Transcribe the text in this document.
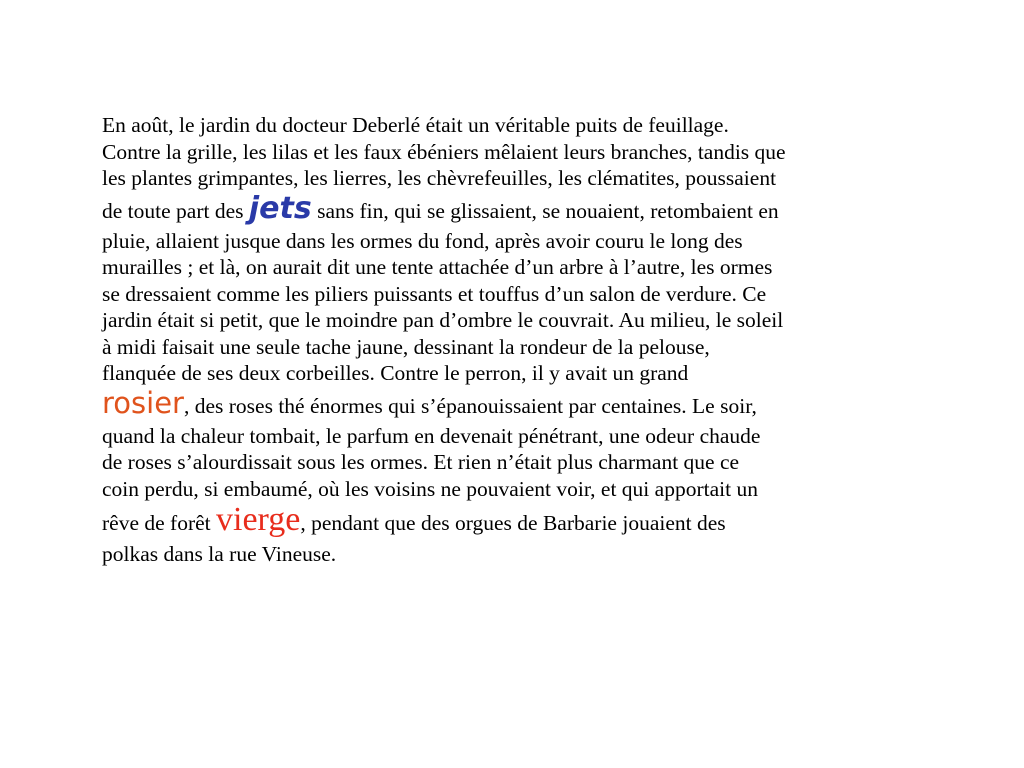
En août, le jardin du docteur Deberlé était un véritable puits de feuillage.
Contre la grille, les lilas et les faux ébéniers mêlaient leurs branches, tandis que
les plantes grimpantes, les lierres, les chèvrefeuilles, les clématites, poussaient
de toute part des jets sans fin, qui se glissaient, se nouaient, retombaient en
pluie, allaient jusque dans les ormes du fond, après avoir couru le long des
murailles ; et là, on aurait dit une tente attachée d’un arbre à l’autre, les ormes
se dressaient comme les piliers puissants et touffus d’un salon de verdure. Ce
jardin était si petit, que le moindre pan d’ombre le couvrait. Au milieu, le soleil
à midi faisait une seule tache jaune, dessinant la rondeur de la pelouse,
flanquée de ses deux corbeilles. Contre le perron, il y avait un grand
rosier, des roses thé énormes qui s’épanouissaient par centaines. Le soir,
quand la chaleur tombait, le parfum en devenait pénétrant, une odeur chaude
de roses s’alourdissait sous les ormes. Et rien n’était plus charmant que ce
coin perdu, si embaumé, où les voisins ne pouvaient voir, et qui apportait un
rêve de forêt vierge, pendant que des orgues de Barbarie jouaient des
polkas dans la rue Vineuse.
